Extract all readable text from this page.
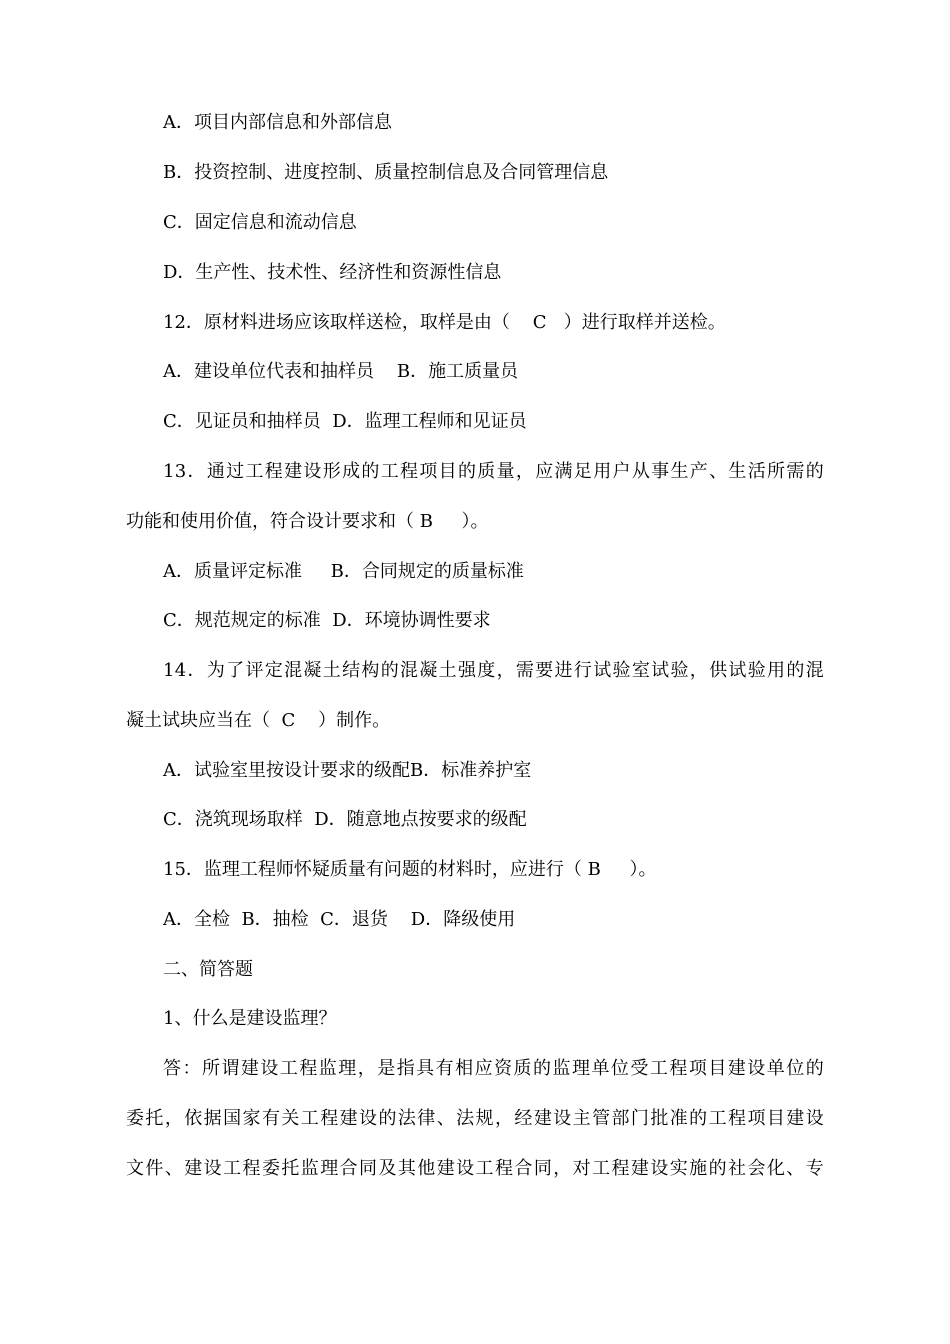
A．项目内部信息和外部信息
B．投资控制、进度控制、质量控制信息及合同管理信息
C．固定信息和流动信息
D．生产性、技术性、经济性和资源性信息
12．原材料进场应该取样送检，取样是由（    C   ）进行取样并送检。
A．建设单位代表和抽样员    B．施工质量员
C．见证员和抽样员  D．监理工程师和见证员
13．通过工程建设形成的工程项目的质量，应满足用户从事生产、生活所需的
功能和使用价值，符合设计要求和（ B     ）。
A．质量评定标准     B．合同规定的质量标准
C．规范规定的标准  D．环境协调性要求
14．为了评定混凝土结构的混凝土强度，需要进行试验室试验，供试验用的混
凝土试块应当在（  C    ）制作。
A．试验室里按设计要求的级配B．标准养护室
C．浇筑现场取样  D．随意地点按要求的级配
15．监理工程师怀疑质量有问题的材料时，应进行（ B     ）。
A．全检  B．抽检  C．退货    D．降级使用
二、简答题
1、什么是建设监理？
答：所谓建设工程监理，是指具有相应资质的监理单位受工程项目建设单位的
委托，依据国家有关工程建设的法律、法规，经建设主管部门批准的工程项目建设
文件、建设工程委托监理合同及其他建设工程合同，对工程建设实施的社会化、专
